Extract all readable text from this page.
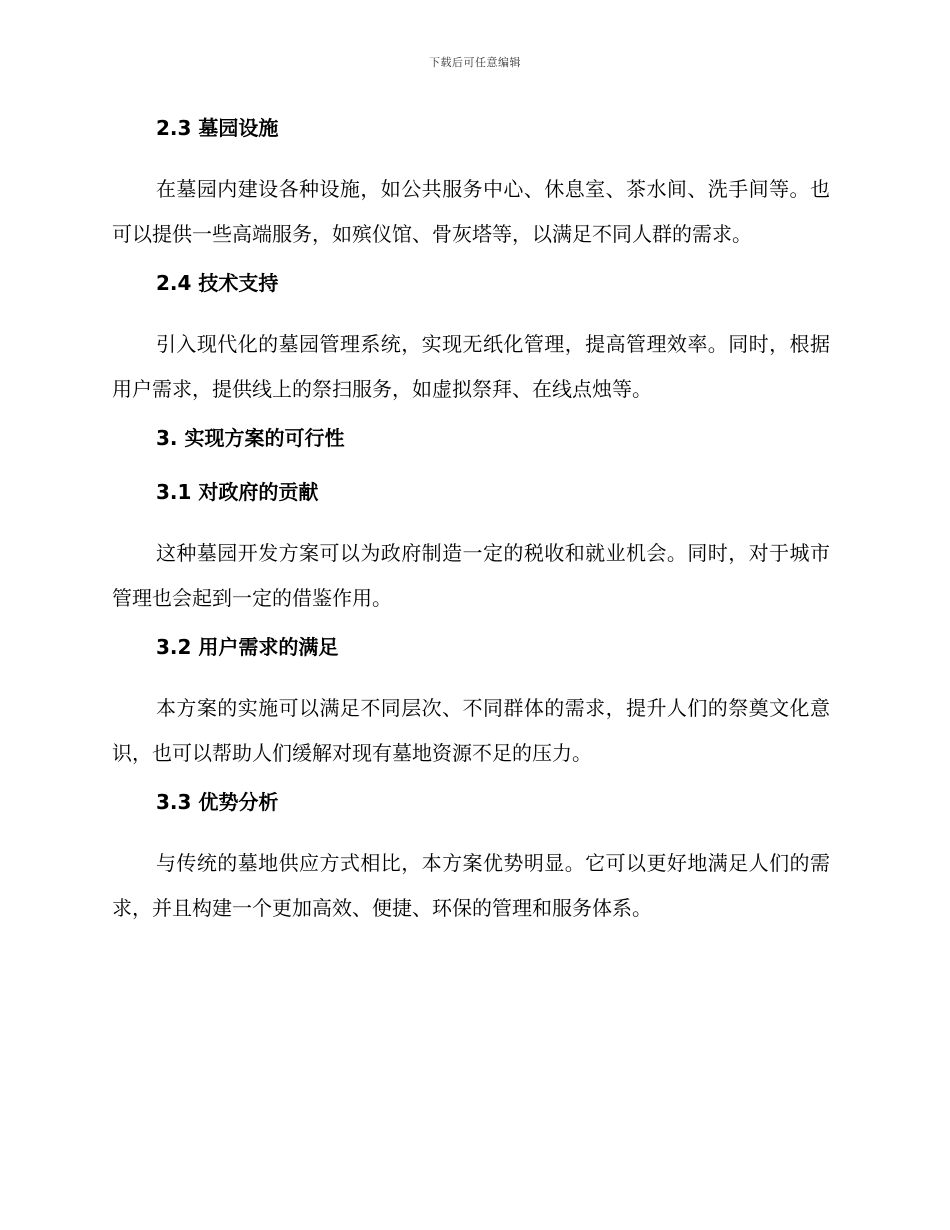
下载后可任意编辑
2.3 墓园设施

在墓园内建设各种设施，如公共服务中心、休息室、茶水间、洗手间等。也可以提供一些高端服务，如殡仪馆、骨灰塔等，以满足不同人群的需求。

2.4 技术支持

引入现代化的墓园管理系统，实现无纸化管理，提高管理效率。同时，根据用户需求，提供线上的祭扫服务，如虚拟祭拜、在线点烛等。

3. 实现方案的可行性
3.1 对政府的贡献

这种墓园开发方案可以为政府制造一定的税收和就业机会。同时，对于城市管理也会起到一定的借鉴作用。

3.2 用户需求的满足

本方案的实施可以满足不同层次、不同群体的需求，提升人们的祭奠文化意识，也可以帮助人们缓解对现有墓地资源不足的压力。

3.3 优势分析

与传统的墓地供应方式相比，本方案优势明显。它可以更好地满足人们的需求，并且构建一个更加高效、便捷、环保的管理和服务体系。
